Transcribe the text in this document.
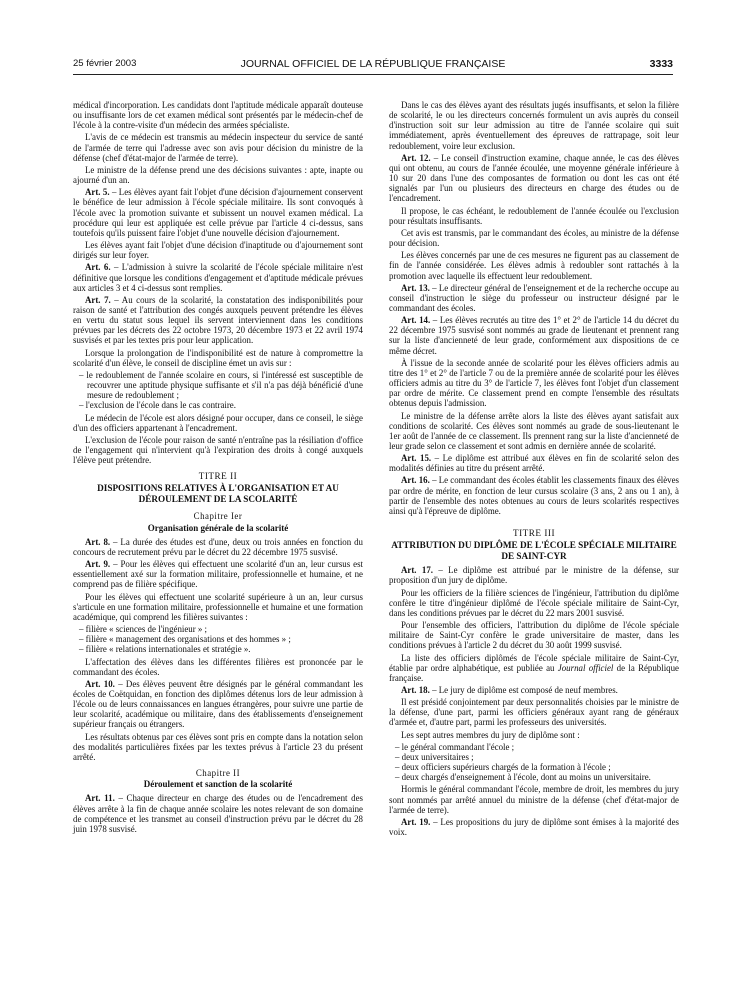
25 février 2003	JOURNAL OFFICIEL DE LA RÉPUBLIQUE FRANÇAISE	3333

médical d'incorporation. Les candidats dont l'aptitude médicale apparaît douteuse ou insuffisante lors de cet examen médical sont présentés par le médecin-chef de l'école à la contre-visite d'un médecin des armées spécialiste.

L'avis de ce médecin est transmis au médecin inspecteur du service de santé de l'armée de terre qui l'adresse avec son avis pour décision du ministre de la défense (chef d'état-major de l'armée de terre).

Le ministre de la défense prend une des décisions suivantes : apte, inapte ou ajourné d'un an.

Art. 5. – Les élèves ayant fait l'objet d'une décision d'ajournement conservent le bénéfice de leur admission à l'école spéciale militaire. Ils sont convoqués à l'école avec la promotion suivante et subissent un nouvel examen médical. La procédure qui leur est appliquée est celle prévue par l'article 4 ci-dessus, sans toutefois qu'ils puissent faire l'objet d'une nouvelle décision d'ajournement.

Les élèves ayant fait l'objet d'une décision d'inaptitude ou d'ajournement sont dirigés sur leur foyer.

Art. 6. – L'admission à suivre la scolarité de l'école spéciale militaire n'est définitive que lorsque les conditions d'engagement et d'aptitude médicale prévues aux articles 3 et 4 ci-dessus sont remplies.

Art. 7. – Au cours de la scolarité, la constatation des indisponibilités pour raison de santé et l'attribution des congés auxquels peuvent prétendre les élèves en vertu du statut sous lequel ils servent interviennent dans les conditions prévues par les décrets des 22 octobre 1973, 20 décembre 1973 et 22 avril 1974 susvisés et par les textes pris pour leur application.

Lorsque la prolongation de l'indisponibilité est de nature à compromettre la scolarité d'un élève, le conseil de discipline émet un avis sur :

– le redoublement de l'année scolaire en cours, si l'intéressé est susceptible de recouvrer une aptitude physique suffisante et s'il n'a pas déjà bénéficié d'une mesure de redoublement ;
– l'exclusion de l'école dans le cas contraire.

Le médecin de l'école est alors désigné pour occuper, dans ce conseil, le siège d'un des officiers appartenant à l'encadrement.

L'exclusion de l'école pour raison de santé n'entraîne pas la résiliation d'office de l'engagement qui n'intervient qu'à l'expiration des droits à congé auxquels l'élève peut prétendre.

TITRE II
DISPOSITIONS RELATIVES À L'ORGANISATION ET AU DÉROULEMENT DE LA SCOLARITÉ
Chapitre Ier
Organisation générale de la scolarité

Art. 8. – La durée des études est d'une, deux ou trois années en fonction du concours de recrutement prévu par le décret du 22 décembre 1975 susvisé.

Art. 9. – Pour les élèves qui effectuent une scolarité d'un an, leur cursus est essentiellement axé sur la formation militaire, professionnelle et humaine, et ne comprend pas de filière spécifique.

Pour les élèves qui effectuent une scolarité supérieure à un an, leur cursus s'articule en une formation militaire, professionnelle et humaine et une formation académique, qui comprend les filières suivantes :

– filière « sciences de l'ingénieur » ;
– filière « management des organisations et des hommes » ;
– filière « relations internationales et stratégie ».

L'affectation des élèves dans les différentes filières est prononcée par le commandant des écoles.

Art. 10. – Des élèves peuvent être désignés par le général commandant les écoles de Coëtquidan, en fonction des diplômes détenus lors de leur admission à l'école ou de leurs connaissances en langues étrangères, pour suivre une partie de leur scolarité, académique ou militaire, dans des établissements d'enseignement supérieur français ou étrangers.

Les résultats obtenus par ces élèves sont pris en compte dans la notation selon des modalités particulières fixées par les textes prévus à l'article 23 du présent arrêté.

Chapitre II
Déroulement et sanction de la scolarité

Art. 11. – Chaque directeur en charge des études ou de l'encadrement des élèves arrête à la fin de chaque année scolaire les notes relevant de son domaine de compétence et les transmet au conseil d'instruction prévu par le décret du 28 juin 1978 susvisé.

Dans le cas des élèves ayant des résultats jugés insuffisants, et selon la filière de scolarité, le ou les directeurs concernés formulent un avis auprès du conseil d'instruction soit sur leur admission au titre de l'année scolaire qui suit immédiatement, après éventuellement des épreuves de rattrapage, soit leur redoublement, voire leur exclusion.

Art. 12. – Le conseil d'instruction examine, chaque année, le cas des élèves qui ont obtenu, au cours de l'année écoulée, une moyenne générale inférieure à 10 sur 20 dans l'une des composantes de formation ou dont les cas ont été signalés par l'un ou plusieurs des directeurs en charge des études ou de l'encadrement.

Il propose, le cas échéant, le redoublement de l'année écoulée ou l'exclusion pour résultats insuffisants.

Cet avis est transmis, par le commandant des écoles, au ministre de la défense pour décision.

Les élèves concernés par une de ces mesures ne figurent pas au classement de fin de l'année considérée. Les élèves admis à redoubler sont rattachés à la promotion avec laquelle ils effectuent leur redoublement.

Art. 13. – Le directeur général de l'enseignement et de la recherche occupe au conseil d'instruction le siège du professeur ou instructeur désigné par le commandant des écoles.

Art. 14. – Les élèves recrutés au titre des 1° et 2° de l'article 14 du décret du 22 décembre 1975 susvisé sont nommés au grade de lieutenant et prennent rang sur la liste d'ancienneté de leur grade, conformément aux dispositions de ce même décret.

À l'issue de la seconde année de scolarité pour les élèves officiers admis au titre des 1° et 2° de l'article 7 ou de la première année de scolarité pour les élèves officiers admis au titre du 3° de l'article 7, les élèves font l'objet d'un classement par ordre de mérite. Ce classement prend en compte l'ensemble des résultats obtenus depuis l'admission.

Le ministre de la défense arrête alors la liste des élèves ayant satisfait aux conditions de scolarité. Ces élèves sont nommés au grade de sous-lieutenant le 1er août de l'année de ce classement. Ils prennent rang sur la liste d'ancienneté de leur grade selon ce classement et sont admis en dernière année de scolarité.

Art. 15. – Le diplôme est attribué aux élèves en fin de scolarité selon des modalités définies au titre du présent arrêté.

Art. 16. – Le commandant des écoles établit les classements finaux des élèves par ordre de mérite, en fonction de leur cursus scolaire (3 ans, 2 ans ou 1 an), à partir de l'ensemble des notes obtenues au cours de leurs scolarités respectives ainsi qu'à l'épreuve de diplôme.

TITRE III
ATTRIBUTION DU DIPLÔME DE L'ÉCOLE SPÉCIALE MILITAIRE DE SAINT-CYR

Art. 17. – Le diplôme est attribué par le ministre de la défense, sur proposition d'un jury de diplôme.

Pour les officiers de la filière sciences de l'ingénieur, l'attribution du diplôme confère le titre d'ingénieur diplômé de l'école spéciale militaire de Saint-Cyr, dans les conditions prévues par le décret du 22 mars 2001 susvisé.

Pour l'ensemble des officiers, l'attribution du diplôme de l'école spéciale militaire de Saint-Cyr confère le grade universitaire de master, dans les conditions prévues à l'article 2 du décret du 30 août 1999 susvisé.

La liste des officiers diplômés de l'école spéciale militaire de Saint-Cyr, établie par ordre alphabétique, est publiée au Journal officiel de la République française.

Art. 18. – Le jury de diplôme est composé de neuf membres.

Il est présidé conjointement par deux personnalités choisies par le ministre de la défense, d'une part, parmi les officiers généraux ayant rang de généraux d'armée et, d'autre part, parmi les professeurs des universités.

Les sept autres membres du jury de diplôme sont :

– le général commandant l'école ;
– deux universitaires ;
– deux officiers supérieurs chargés de la formation à l'école ;
– deux chargés d'enseignement à l'école, dont au moins un universitaire.

Hormis le général commandant l'école, membre de droit, les membres du jury sont nommés par arrêté annuel du ministre de la défense (chef d'état-major de l'armée de terre).

Art. 19. – Les propositions du jury de diplôme sont émises à la majorité des voix.
